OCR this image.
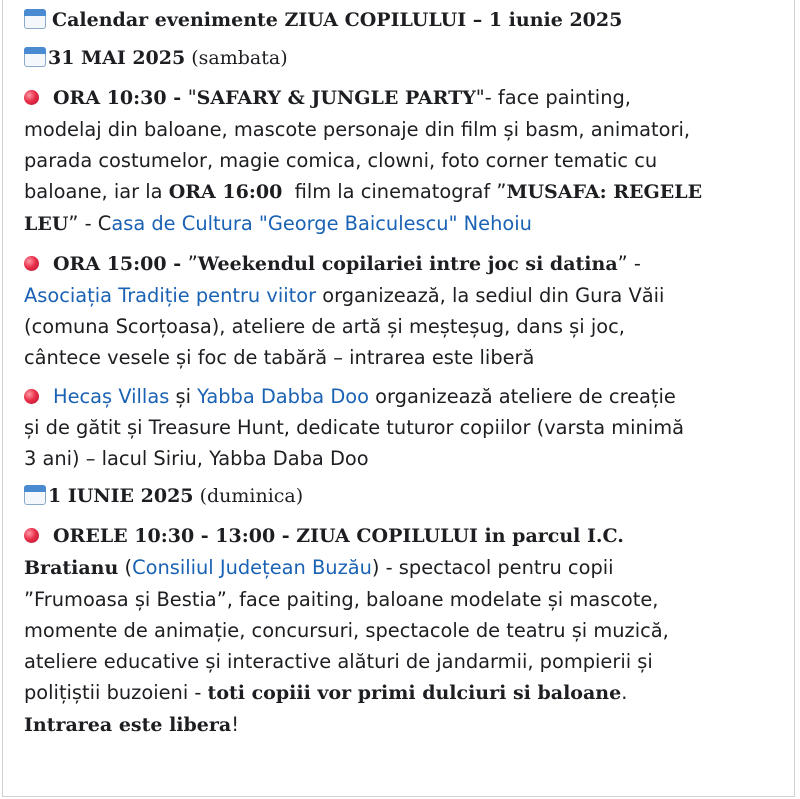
Calendar evenimente ZIUA COPILULUI – 1 iunie 2025
31 MAI 2025 (sambata)
ORA 10:30 - "SAFARY & JUNGLE PARTY"- face painting,
modelaj din baloane, mascote personaje din film și basm, animatori,
parada costumelor, magie comica, clowni, foto corner tematic cu
baloane, iar la ORA 16:00  film la cinematograf ”MUSAFA: REGELE
LEU” - Casa de Cultura "George Baiculescu" Nehoiu
ORA 15:00 - ”Weekendul copilariei intre joc si datina” -
Asociația Tradiție pentru viitor organizează, la sediul din Gura Văii
(comuna Scorțoasa), ateliere de artă și meșteșug, dans și joc,
cântece vesele și foc de tabără – intrarea este liberă
Hecaș Villas și Yabba Dabba Doo organizează ateliere de creație
și de gătit și Treasure Hunt, dedicate tuturor copiilor (varsta minimă
3 ani) – lacul Siriu, Yabba Daba Doo
1 IUNIE 2025 (duminica)
ORELE 10:30 - 13:00 - ZIUA COPILULUI in parcul I.C.
Bratianu (Consiliul Județean Buzău) - spectacol pentru copii
”Frumoasa și Bestia”, face paiting, baloane modelate și mascote,
momente de animație, concursuri, spectacole de teatru și muzică,
ateliere educative și interactive alături de jandarmii, pompierii și
polițiștii buzoieni - toti copiii vor primi dulciuri si baloane.
Intrarea este libera!
